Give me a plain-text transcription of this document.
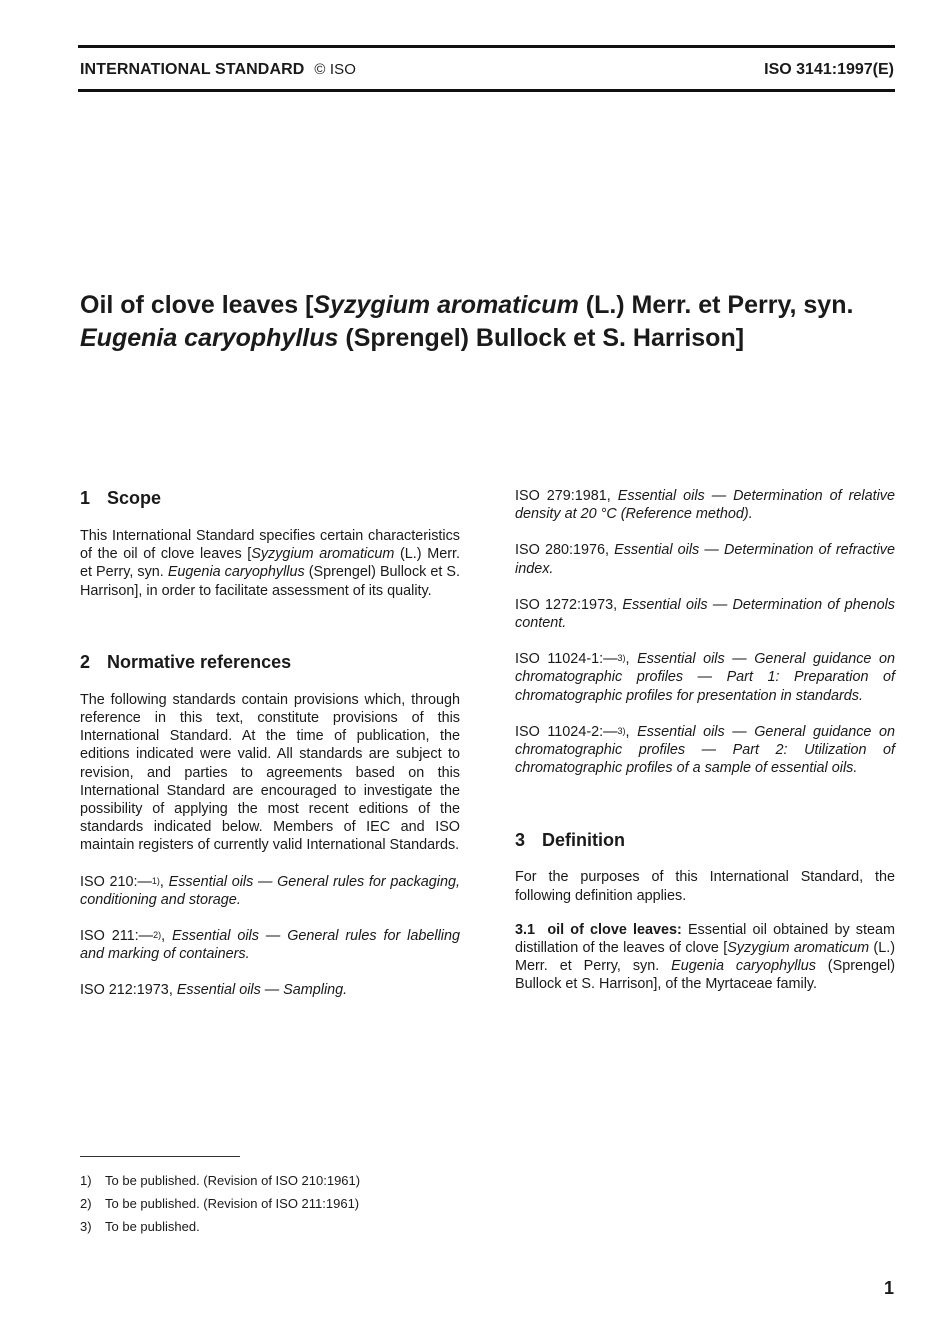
INTERNATIONAL STANDARD © ISO	ISO 3141:1997(E)
Oil of clove leaves [Syzygium aromaticum (L.) Merr. et Perry, syn.
Eugenia caryophyllus (Sprengel) Bullock et S. Harrison]
1 Scope

This International Standard specifies certain characteristics of the oil of clove leaves [Syzygium aromaticum (L.) Merr. et Perry, syn. Eugenia caryophyllus (Sprengel) Bullock et S. Harrison], in order to facilitate assessment of its quality.

2 Normative references

The following standards contain provisions which, through reference in this text, constitute provisions of this International Standard. At the time of publication, the editions indicated were valid. All standards are subject to revision, and parties to agreements based on this International Standard are encouraged to investigate the possibility of applying the most recent editions of the standards indicated below. Members of IEC and ISO maintain registers of currently valid International Standards.

ISO 210:—$^{1)}$, Essential oils — General rules for packaging, conditioning and storage.

ISO 211:—$^{2)}$, Essential oils — General rules for labelling and marking of containers.

ISO 212:1973, Essential oils — Sampling.

ISO 279:1981, Essential oils — Determination of relative density at 20 °C (Reference method).

ISO 280:1976, Essential oils — Determination of refractive index.

ISO 1272:1973, Essential oils — Determination of phenols content.

ISO 11024-1:—$^{3)}$, Essential oils — General guidance on chromatographic profiles — Part 1: Preparation of chromatographic profiles for presentation in standards.

ISO 11024-2:—$^{3)}$, Essential oils — General guidance on chromatographic profiles — Part 2: Utilization of chromatographic profiles of a sample of essential oils.

3 Definition

For the purposes of this International Standard, the following definition applies.

3.1 oil of clove leaves: Essential oil obtained by steam distillation of the leaves of clove [Syzygium aromaticum (L.) Merr. et Perry, syn. Eugenia caryophyllus (Sprengel) Bullock et S. Harrison], of the Myrtaceae family.

1) To be published. (Revision of ISO 210:1961)
2) To be published. (Revision of ISO 211:1961)
3) To be published.
1
